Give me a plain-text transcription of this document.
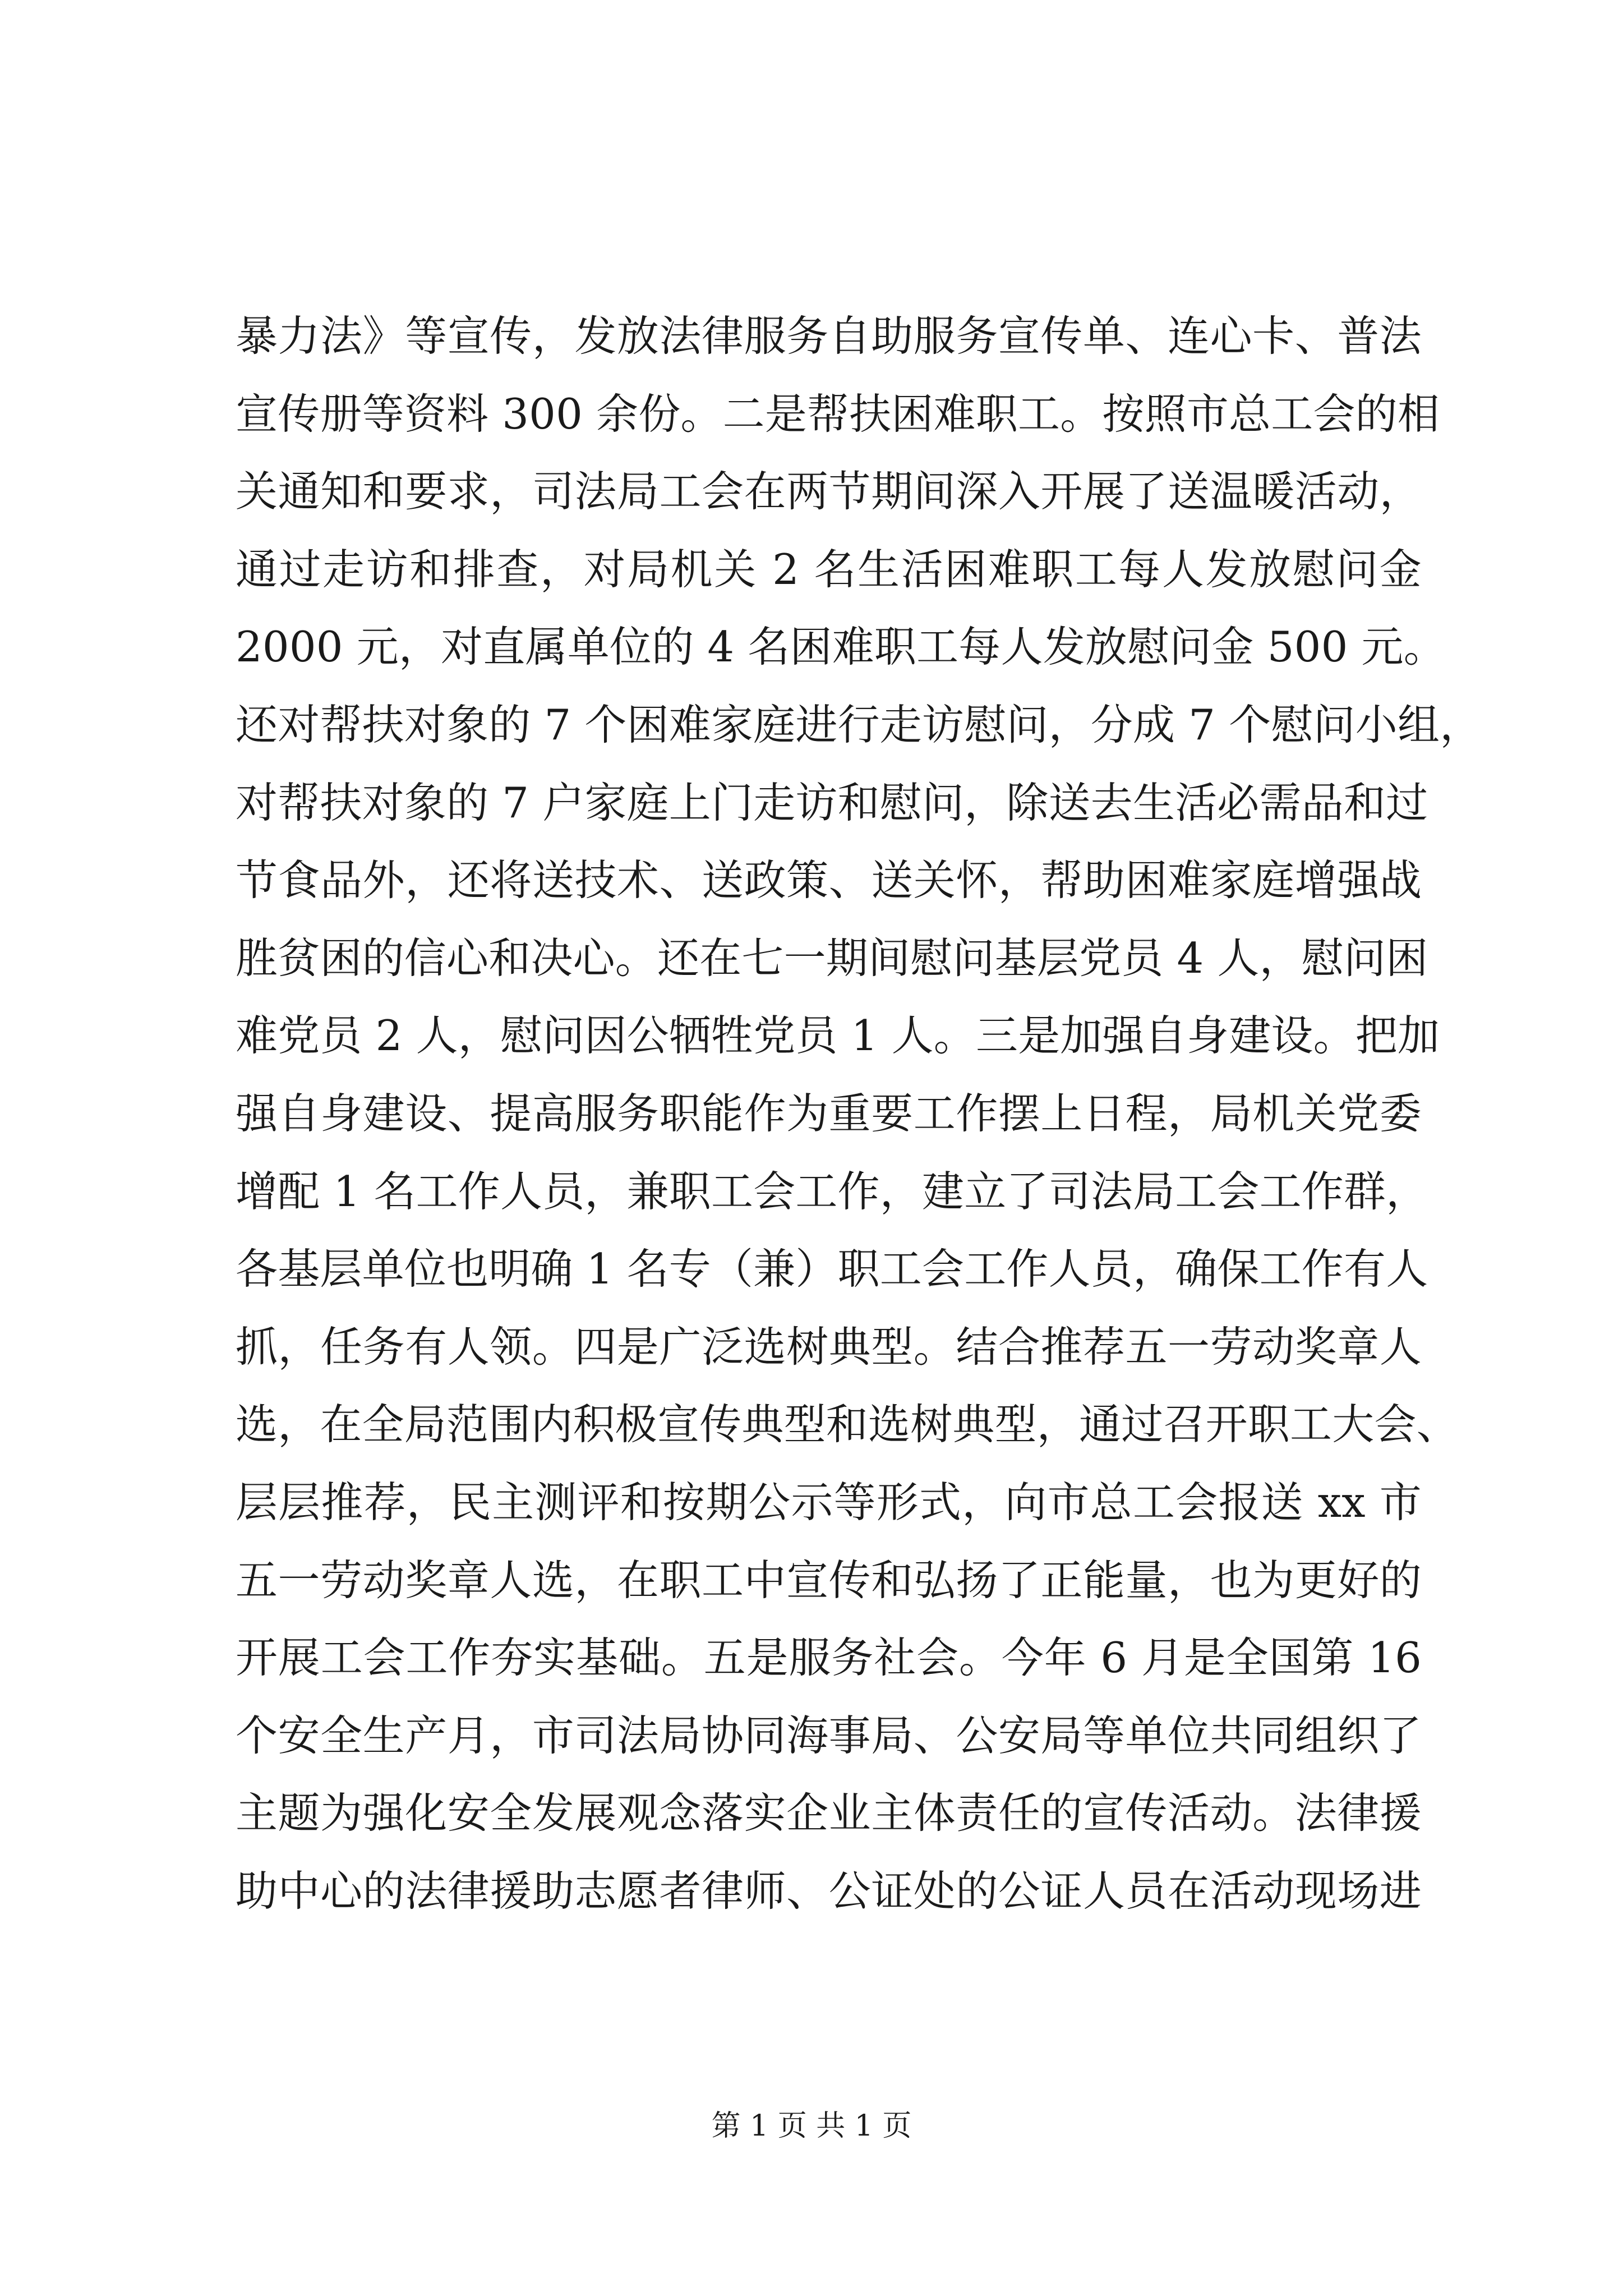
暴力法》等宣传，发放法律服务自助服务宣传单、连心卡、普法
宣传册等资料 300 余份。二是帮扶困难职工。按照市总工会的相
关通知和要求，司法局工会在两节期间深入开展了送温暖活动，
通过走访和排查，对局机关 2 名生活困难职工每人发放慰问金
2000 元，对直属单位的 4 名困难职工每人发放慰问金 500 元。
还对帮扶对象的 7 个困难家庭进行走访慰问，分成 7 个慰问小组，
对帮扶对象的 7 户家庭上门走访和慰问，除送去生活必需品和过
节食品外，还将送技术、送政策、送关怀，帮助困难家庭增强战
胜贫困的信心和决心。还在七一期间慰问基层党员 4 人，慰问困
难党员 2 人，慰问因公牺牲党员 1 人。三是加强自身建设。把加
强自身建设、提高服务职能作为重要工作摆上日程，局机关党委
增配 1 名工作人员，兼职工会工作，建立了司法局工会工作群，
各基层单位也明确 1 名专（兼）职工会工作人员，确保工作有人
抓，任务有人领。四是广泛选树典型。结合推荐五一劳动奖章人
选，在全局范围内积极宣传典型和选树典型，通过召开职工大会、
层层推荐，民主测评和按期公示等形式，向市总工会报送 xx 市
五一劳动奖章人选，在职工中宣传和弘扬了正能量，也为更好的
开展工会工作夯实基础。五是服务社会。今年 6 月是全国第 16
个安全生产月，市司法局协同海事局、公安局等单位共同组织了
主题为强化安全发展观念落实企业主体责任的宣传活动。法律援
助中心的法律援助志愿者律师、公证处的公证人员在活动现场进
第 1 页 共 1 页
